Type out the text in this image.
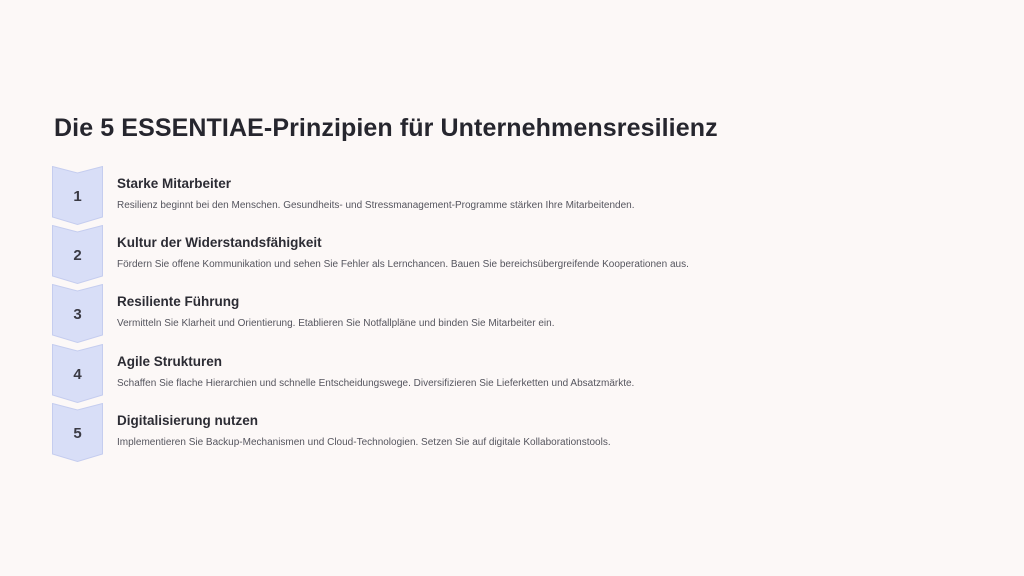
Die 5 ESSENTIAE-Prinzipien für Unternehmensresilienz
1
Starke Mitarbeiter
Resilienz beginnt bei den Menschen. Gesundheits- und Stressmanagement-Programme stärken Ihre Mitarbeitenden.
2
Kultur der Widerstandsfähigkeit
Fördern Sie offene Kommunikation und sehen Sie Fehler als Lernchancen. Bauen Sie bereichsübergreifende Kooperationen aus.
3
Resiliente Führung
Vermitteln Sie Klarheit und Orientierung. Etablieren Sie Notfallpläne und binden Sie Mitarbeiter ein.
4
Agile Strukturen
Schaffen Sie flache Hierarchien und schnelle Entscheidungswege. Diversifizieren Sie Lieferketten und Absatzmärkte.
5
Digitalisierung nutzen
Implementieren Sie Backup-Mechanismen und Cloud-Technologien. Setzen Sie auf digitale Kollaborationstools.
